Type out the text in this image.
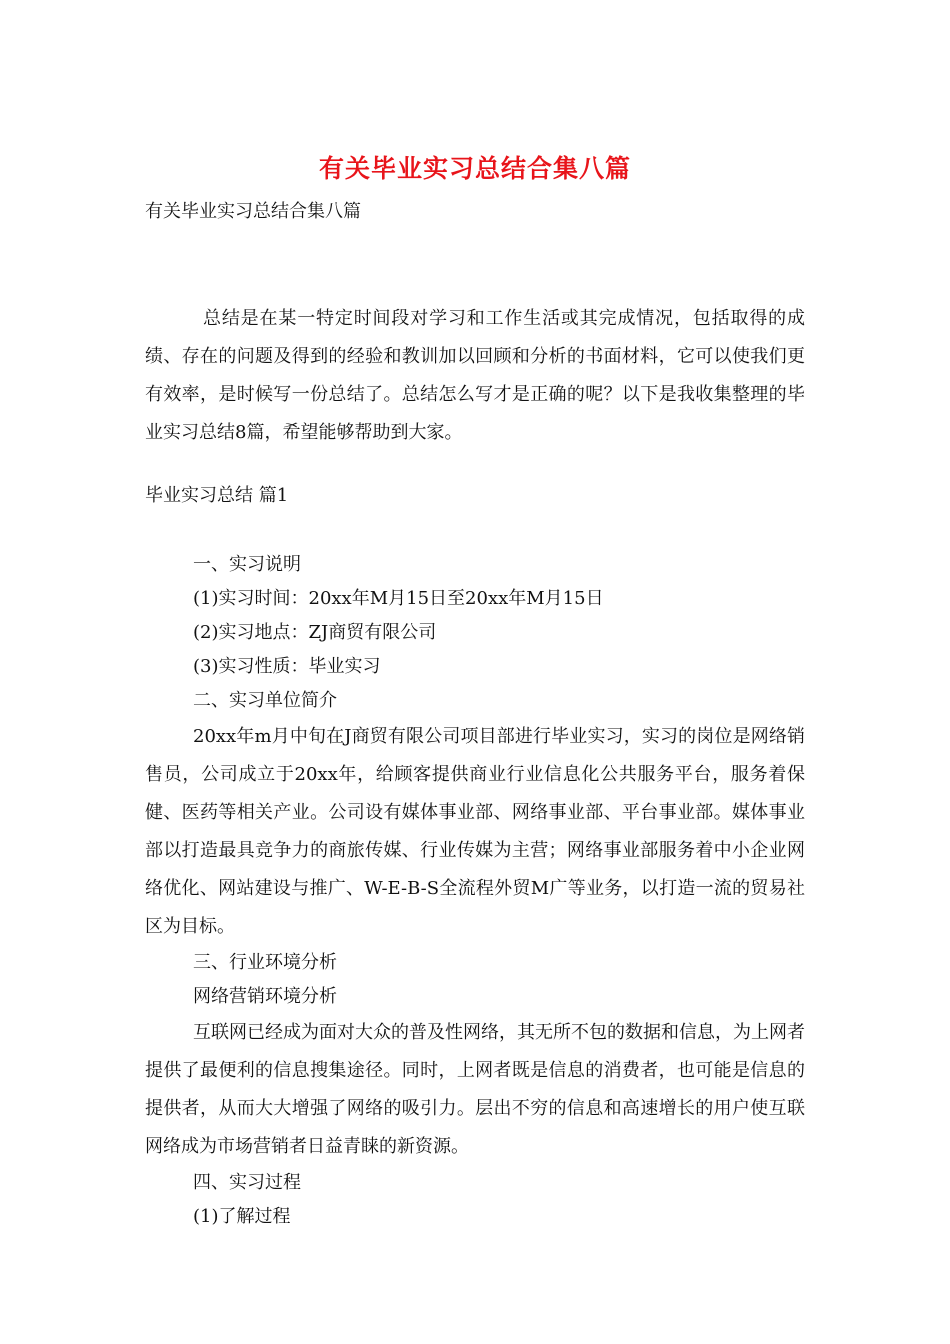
有关毕业实习总结合集八篇
有关毕业实习总结合集八篇

总结是在某一特定时间段对学习和工作生活或其完成情况，包括取得的成绩、存在的问题及得到的经验和教训加以回顾和分析的书面材料，它可以使我们更有效率，是时候写一份总结了。总结怎么写才是正确的呢？以下是我收集整理的毕业实习总结8篇，希望能够帮助到大家。

毕业实习总结 篇1

一、实习说明

(1)实习时间：20xx年M月15日至20xx年M月15日

(2)实习地点：ZJ商贸有限公司

(3)实习性质：毕业实习

二、实习单位简介

20xx年m月中旬在J商贸有限公司项目部进行毕业实习，实习的岗位是网络销售员，公司成立于20xx年，给顾客提供商业行业信息化公共服务平台，服务着保健、医药等相关产业。公司设有媒体事业部、网络事业部、平台事业部。媒体事业部以打造最具竞争力的商旅传媒、行业传媒为主营；网络事业部服务着中小企业网络优化、网站建设与推广、W-E-B-S全流程外贸M广等业务，以打造一流的贸易社区为目标。

三、行业环境分析

网络营销环境分析

互联网已经成为面对大众的普及性网络，其无所不包的数据和信息，为上网者提供了最便利的信息搜集途径。同时，上网者既是信息的消费者，也可能是信息的提供者，从而大大增强了网络的吸引力。层出不穷的信息和高速增长的用户使互联网络成为市场营销者日益青睐的新资源。

四、实习过程

(1)了解过程
